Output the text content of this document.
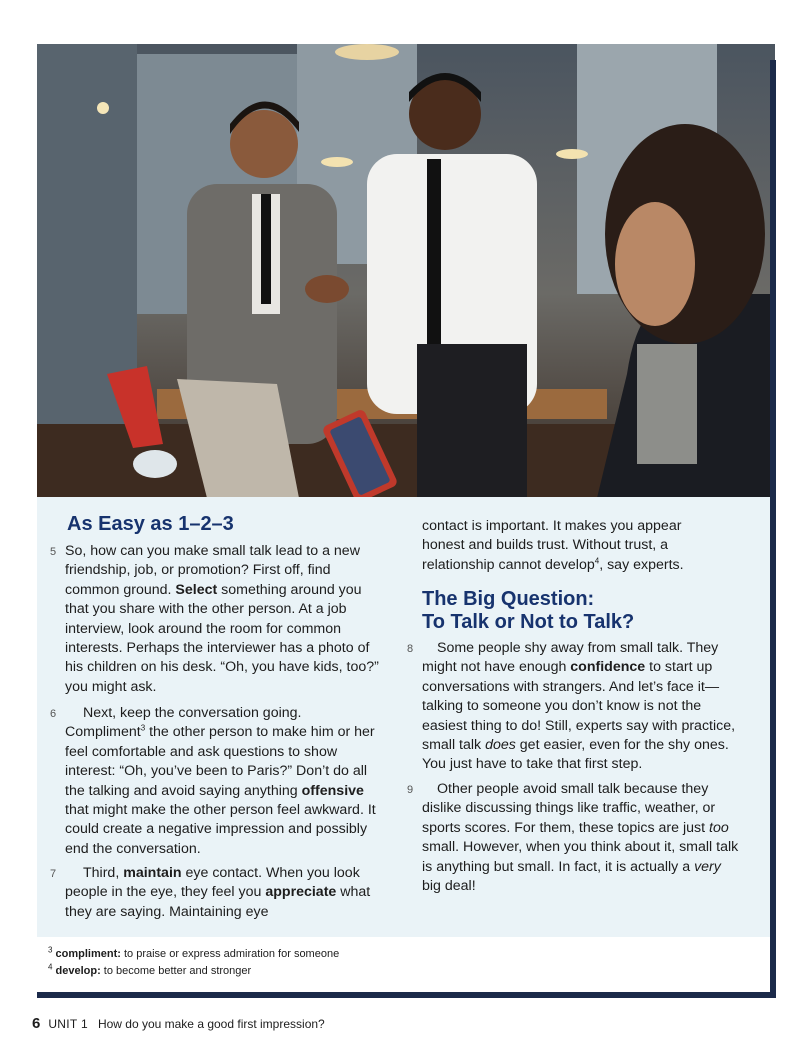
As Easy as 1–2–3

5 So, how can you make small talk lead to a new friendship, job, or promotion? First off, find common ground. Select something around you that you share with the other person. At a job interview, look around the room for common interests. Perhaps the interviewer has a photo of his children on his desk. “Oh, you have kids, too?” you might ask.

6 Next, keep the conversation going. Compliment$^3$ the other person to make him or her feel comfortable and ask questions to show interest: “Oh, you’ve been to Paris?” Don’t do all the talking and avoid saying anything offensive that might make the other person feel awkward. It could create a negative impression and possibly end the conversation.

7 Third, maintain eye contact. When you look people in the eye, they feel you appreciate what they are saying. Maintaining eye

contact is important. It makes you appear honest and builds trust. Without trust, a relationship cannot develop$^4$, say experts.

The Big Question:
To Talk or Not to Talk?

8 Some people shy away from small talk. They might not have enough confidence to start up conversations with strangers. And let’s face it—talking to someone you don’t know is not the easiest thing to do! Still, experts say with practice, small talk does get easier, even for the shy ones. You just have to take that first step.

9 Other people avoid small talk because they dislike discussing things like traffic, weather, or sports scores. For them, these topics are just too small. However, when you think about it, small talk is anything but small. In fact, it is actually a very big deal!

$^3$ compliment: to praise or express admiration for someone
$^4$ develop: to become better and stronger
6 UNIT 1 How do you make a good first impression?
